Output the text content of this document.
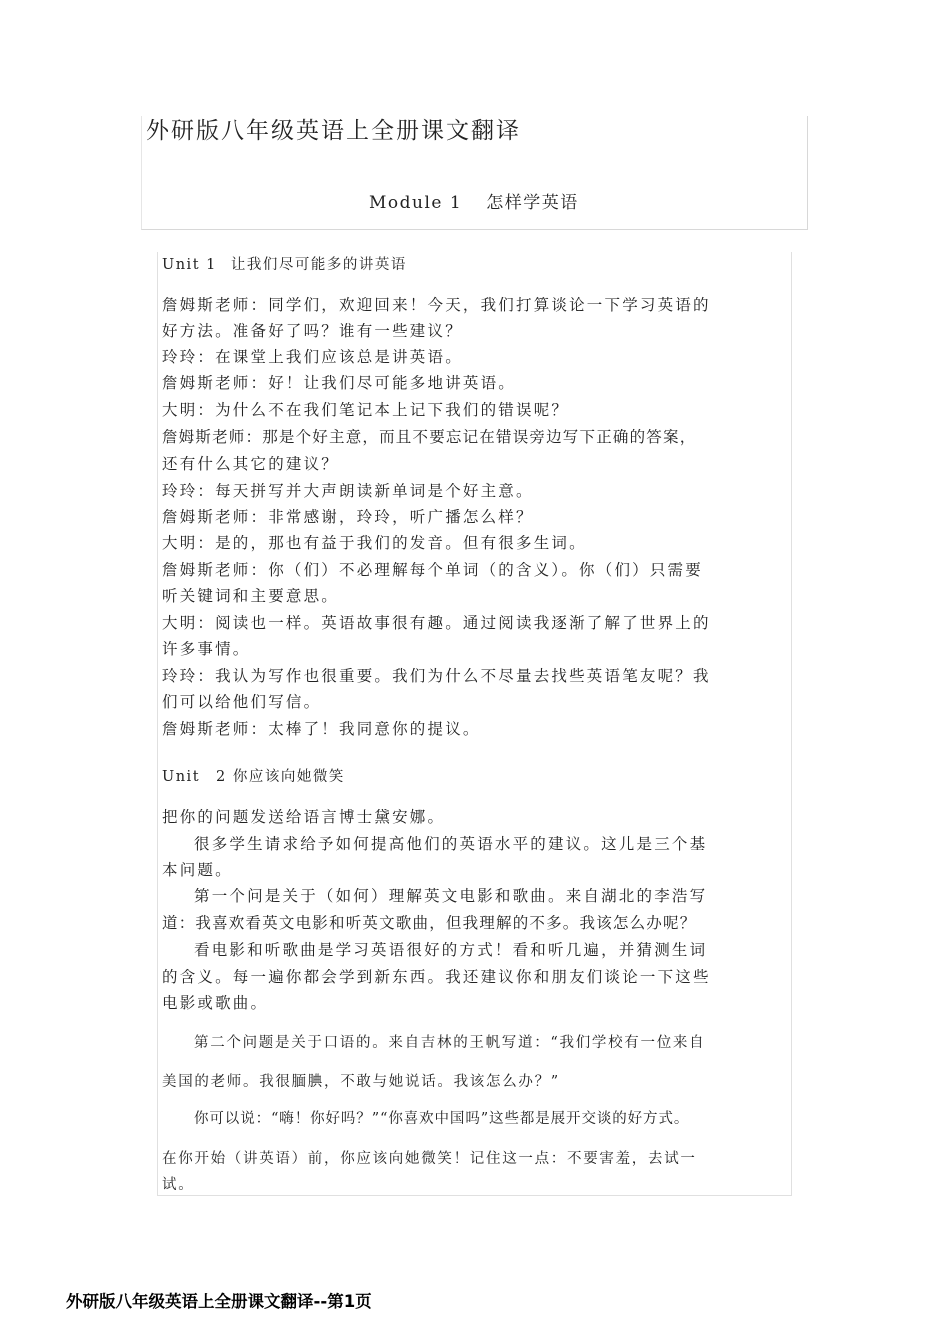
外研版八年级英语上全册课文翻译
Module 1 怎样学英语
Unit 1 让我们尽可能多的讲英语
詹姆斯老师：同学们，欢迎回来！今天，我们打算谈论一下学习英语的
好方法。准备好了吗？谁有一些建议？
玲玲：在课堂上我们应该总是讲英语。
詹姆斯老师：好！让我们尽可能多地讲英语。
大明：为什么不在我们笔记本上记下我们的错误呢？
詹姆斯老师：那是个好主意，而且不要忘记在错误旁边写下正确的答案，
还有什么其它的建议？
玲玲：每天拼写并大声朗读新单词是个好主意。
詹姆斯老师：非常感谢，玲玲，听广播怎么样？
大明：是的，那也有益于我们的发音。但有很多生词。
詹姆斯老师：你（们）不必理解每个单词（的含义）。你（们）只需要
听关键词和主要意思。
大明：阅读也一样。英语故事很有趣。通过阅读我逐渐了解了世界上的
许多事情。
玲玲：我认为写作也很重要。我们为什么不尽量去找些英语笔友呢？我
们可以给他们写信。
詹姆斯老师：太棒了！我同意你的提议。
Unit 2 你应该向她微笑
把你的问题发送给语言博士黛安娜。
很多学生请求给予如何提高他们的英语水平的建议。这儿是三个基
本问题。
第一个问是关于（如何）理解英文电影和歌曲。来自湖北的李浩写
道：我喜欢看英文电影和听英文歌曲，但我理解的不多。我该怎么办呢？
看电影和听歌曲是学习英语很好的方式！看和听几遍，并猜测生词
的含义。每一遍你都会学到新东西。我还建议你和朋友们谈论一下这些
电影或歌曲。
第二个问题是关于口语的。来自吉林的王帆写道：“我们学校有一位来自
美国的老师。我很腼腆，不敢与她说话。我该怎么办？”
你可以说：“嗨！你好吗？”“你喜欢中国吗”这些都是展开交谈的好方式。
在你开始（讲英语）前，你应该向她微笑！记住这一点：不要害羞，去试一
试。
外研版八年级英语上全册课文翻译--第1页
